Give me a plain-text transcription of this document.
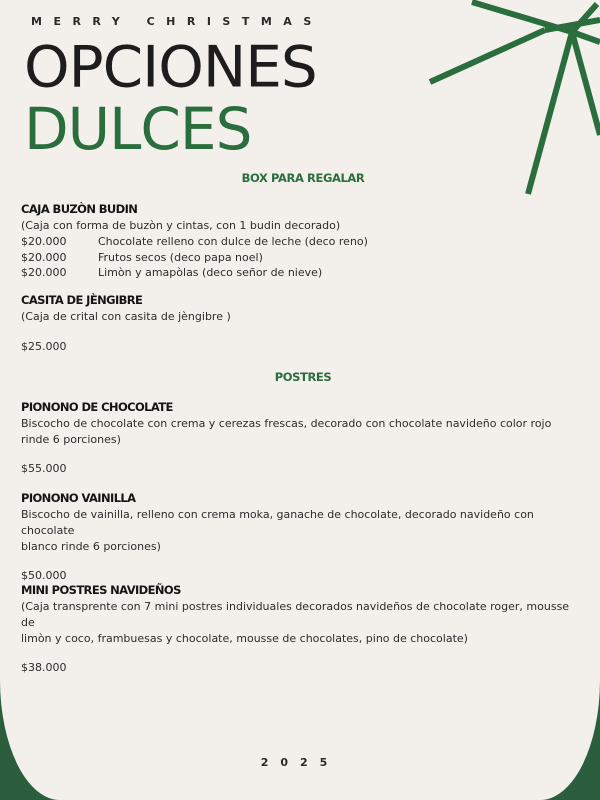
MERRY CHRISTMAS
OPCIONES
DULCES
BOX PARA REGALAR
CAJA BUZÒN BUDIN
(Caja con forma de buzòn y cintas, con 1 budin decorado)
$20.000	Chocolate relleno con dulce de leche (deco reno)
$20.000	Frutos secos (deco papa noel)
$20.000	Limòn y amapòlas (deco señor de nieve)
CASITA DE JÈNGIBRE
(Caja de crital con casita de jèngibre )
$25.000
POSTRES
PIONONO DE CHOCOLATE
Biscocho de chocolate con crema y cerezas frescas, decorado con chocolate navideño color rojo
rinde 6 porciones)
$55.000
PIONONO VAINILLA
Biscocho de vainilla, relleno con crema moka, ganache de chocolate, decorado navideño con chocolate
blanco rinde 6 porciones)
$50.000
MINI POSTRES NAVIDEÑOS
(Caja transprente con 7 mini postres individuales decorados navideños de chocolate roger, mousse de
limòn y coco, frambuesas y chocolate, mousse de chocolates, pino de chocolate)
$38.000
2025
